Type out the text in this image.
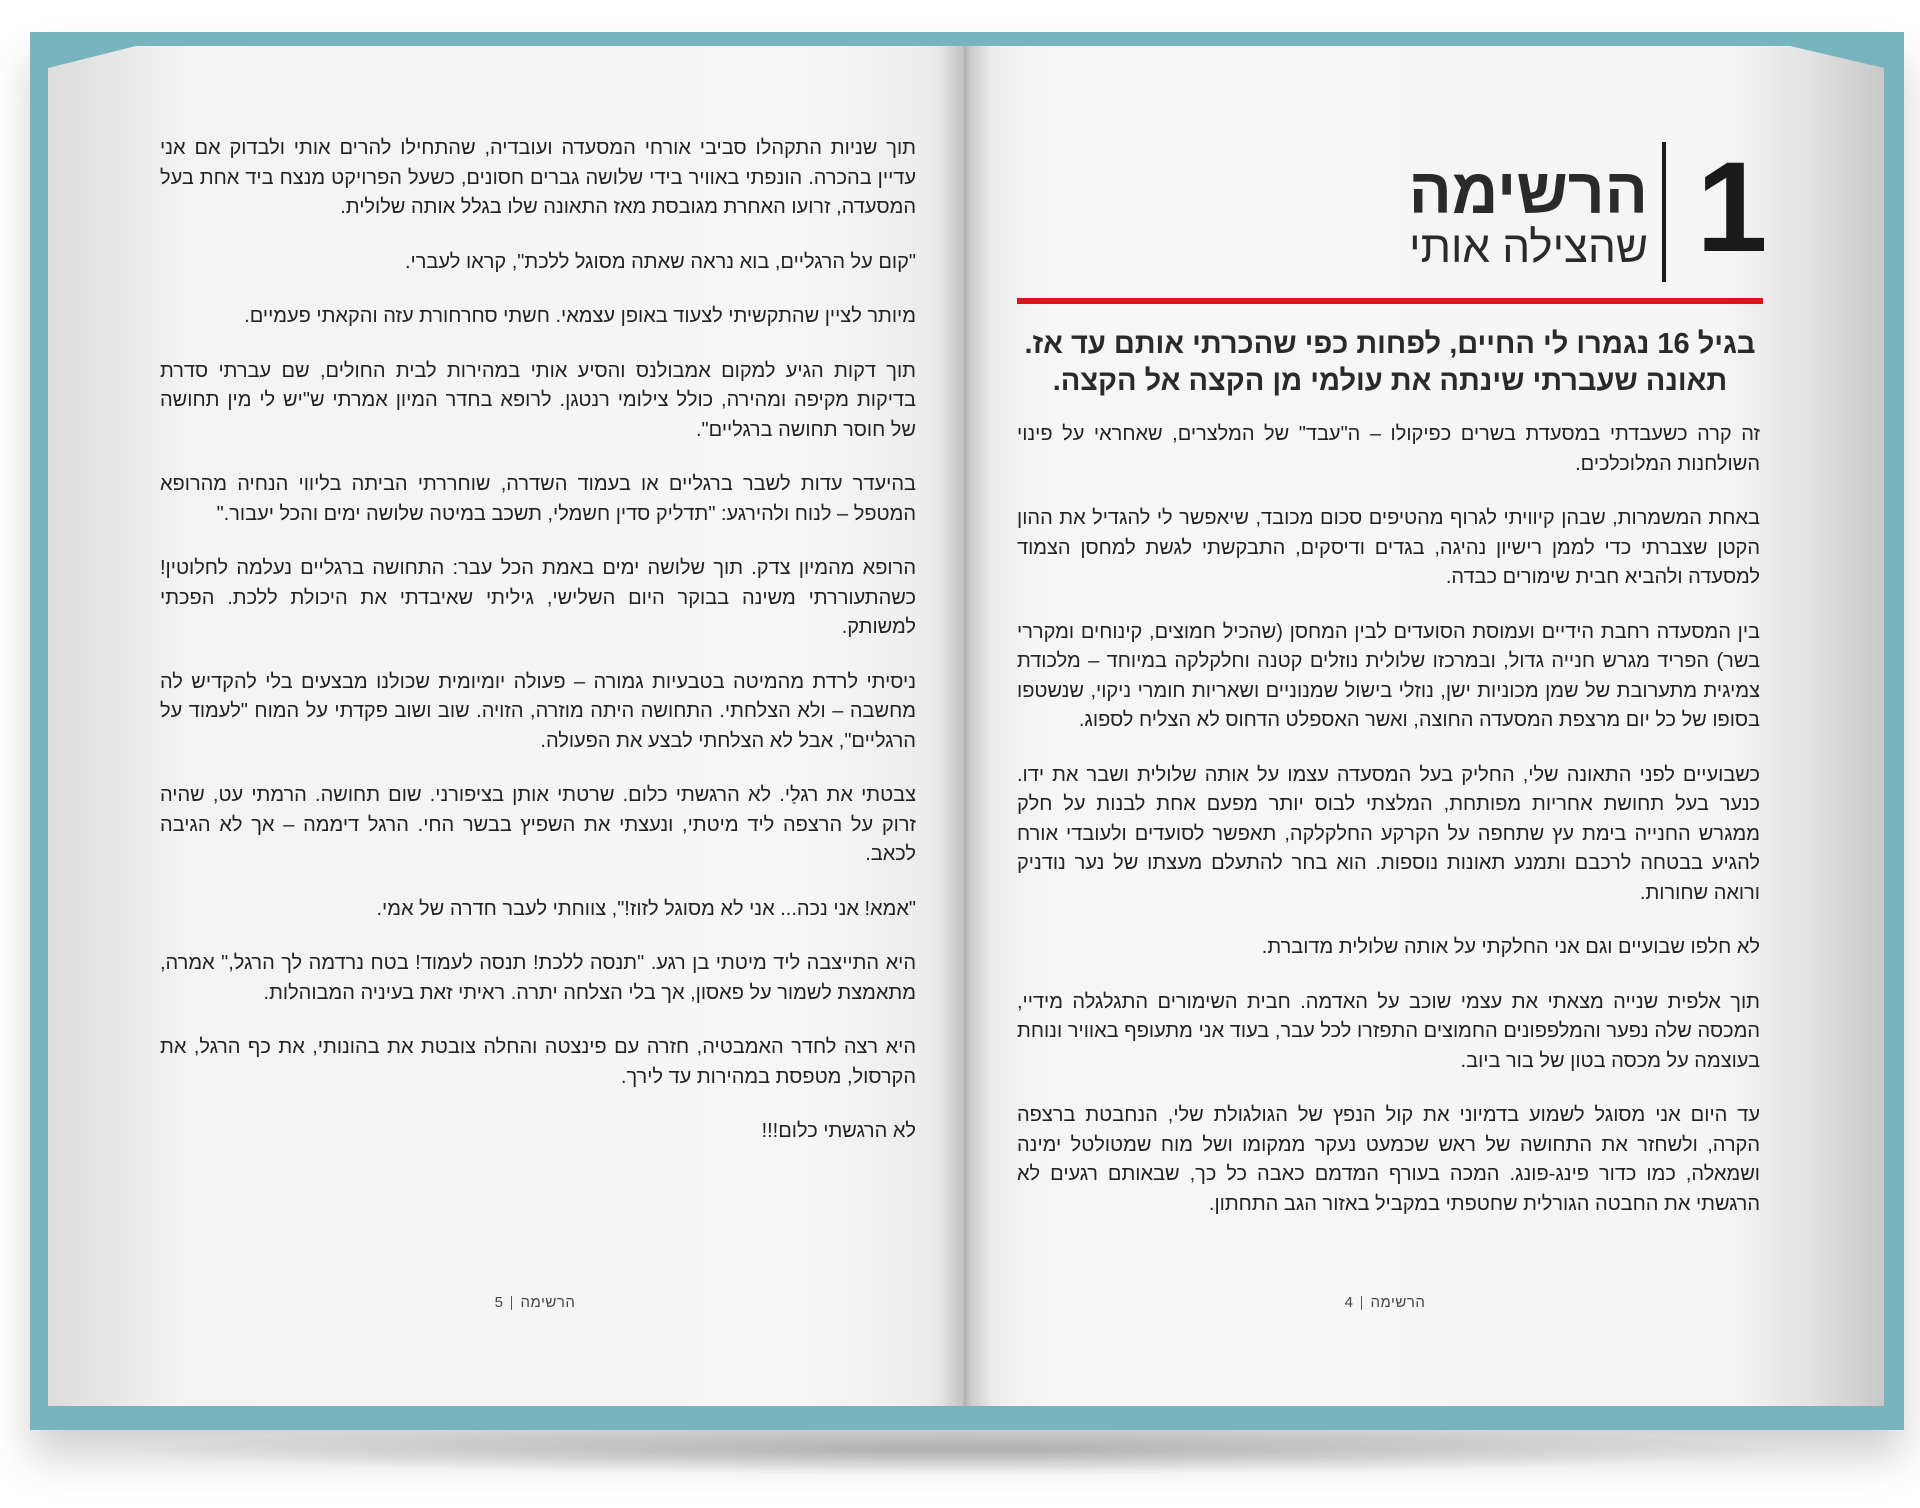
1
הרשימה
שהצילה אותי
בגיל 16 נגמרו לי החיים, לפחות כפי שהכרתי אותם עד אז.
תאונה שעברתי שינתה את עולמי מן הקצה אל הקצה.

זה קרה כשעבדתי במסעדת בשרים כפיקולו – ה"עבד" של המלצרים, שאחראי על פינוי השולחנות המלוכלכים.

באחת המשמרות, שבהן קיוויתי לגרוף מהטיפים סכום מכובד, שיאפשר לי להגדיל את ההון הקטן שצברתי כדי לממן רישיון נהיגה, בגדים ודיסקים, התבקשתי לגשת למחסן הצמוד למסעדה ולהביא חבית שימורים כבדה.

בין המסעדה רחבת הידיים ועמוסת הסועדים לבין המחסן (שהכיל חמוצים, קינוחים ומקררי בשר) הפריד מגרש חנייה גדול, ובמרכזו שלולית נוזלים קטנה וחלקלקה במיוחד – מלכודת צמיגית מתערובת של שמן מכוניות ישן, נוזלי בישול שמנוניים ושאריות חומרי ניקוי, שנשטפו בסופו של כל יום מרצפת המסעדה החוצה, ואשר האספלט הדחוס לא הצליח לספוג.

כשבועיים לפני התאונה שלי, החליק בעל המסעדה עצמו על אותה שלולית ושבר את ידו. כנער בעל תחושת אחריות מפותחת, המלצתי לבוס יותר מפעם אחת לבנות על חלק ממגרש החנייה בימת עץ שתחפה על הקרקע החלקלקה, תאפשר לסועדים ולעובדי אורח להגיע בבטחה לרכבם ותמנע תאונות נוספות. הוא בחר להתעלם מעצתו של נער נודניק ורואה שחורות.

לא חלפו שבועיים וגם אני החלקתי על אותה שלולית מדוברת.

תוך אלפית שנייה מצאתי את עצמי שוכב על האדמה. חבית השימורים התגלגלה מידיי, המכסה שלה נפער והמלפפונים החמוצים התפזרו לכל עבר, בעוד אני מתעופף באוויר ונוחת בעוצמה על מכסה בטון של בור ביוב.

עד היום אני מסוגל לשמוע בדמיוני את קול הנפץ של הגולגולת שלי, הנחבטת ברצפה הקרה, ולשחזר את התחושה של ראש שכמעט נעקר ממקומו ושל מוח שמטולטל ימינה ושמאלה, כמו כדור פינג-פונג. המכה בעורף המדמם כאבה כל כך, שבאותם רגעים לא הרגשתי את החבטה הגורלית שחטפתי במקביל באזור הגב התחתון.

תוך שניות התקהלו סביבי אורחי המסעדה ועובדיה, שהתחילו להרים אותי ולבדוק אם אני עדיין בהכרה. הונפתי באוויר בידי שלושה גברים חסונים, כשעל הפרויקט מנצח ביד אחת בעל המסעדה, זרועו האחרת מגובסת מאז התאונה שלו בגלל אותה שלולית.

"קום על הרגליים, בוא נראה שאתה מסוגל ללכת", קראו לעברי.

מיותר לציין שהתקשיתי לצעוד באופן עצמאי. חשתי סחרחורת עזה והקאתי פעמיים.

תוך דקות הגיע למקום אמבולנס והסיע אותי במהירות לבית החולים, שם עברתי סדרת בדיקות מקיפה ומהירה, כולל צילומי רנטגן. לרופא בחדר המיון אמרתי ש"יש לי מין תחושה של חוסר תחושה ברגליים".

בהיעדר עדות לשבר ברגליים או בעמוד השדרה, שוחררתי הביתה בליווי הנחיה מהרופא המטפל – לנוח ולהירגע: "תדליק סדין חשמלי, תשכב במיטה שלושה ימים והכל יעבור."

הרופא מהמיון צדק. תוך שלושה ימים באמת הכל עבר: התחושה ברגליים נעלמה לחלוטין! כשהתעוררתי משינה בבוקר היום השלישי, גיליתי שאיבדתי את היכולת ללכת. הפכתי למשותק.

ניסיתי לרדת מהמיטה בטבעיות גמורה – פעולה יומיומית שכולנו מבצעים בלי להקדיש לה מחשבה – ולא הצלחתי. התחושה היתה מוזרה, הזויה. שוב ושוב פקדתי על המוח "לעמוד על הרגליים", אבל לא הצלחתי לבצע את הפעולה.

צבטתי את רגלַי. לא הרגשתי כלום. שרטתי אותן בציפורני. שום תחושה. הרמתי עט, שהיה זרוק על הרצפה ליד מיטתי, ונעצתי את השפיץ בבשר החי. הרגל דיממה – אך לא הגיבה לכאב.

"אמא! אני נכה... אני לא מסוגל לזוז!", צווחתי לעבר חדרה של אמי.

היא התייצבה ליד מיטתי בן רגע. "תנסה ללכת! תנסה לעמוד! בטח נרדמה לך הרגל," אמרה, מתאמצת לשמור על פאסון, אך בלי הצלחה יתרה. ראיתי זאת בעיניה המבוהלות.

היא רצה לחדר האמבטיה, חזרה עם פינצטה והחלה צובטת את בהונותי, את כף הרגל, את הקרסול, מטפסת במהירות עד לירך.

לא הרגשתי כלום!!!

הרשימה5	הרשימה4
